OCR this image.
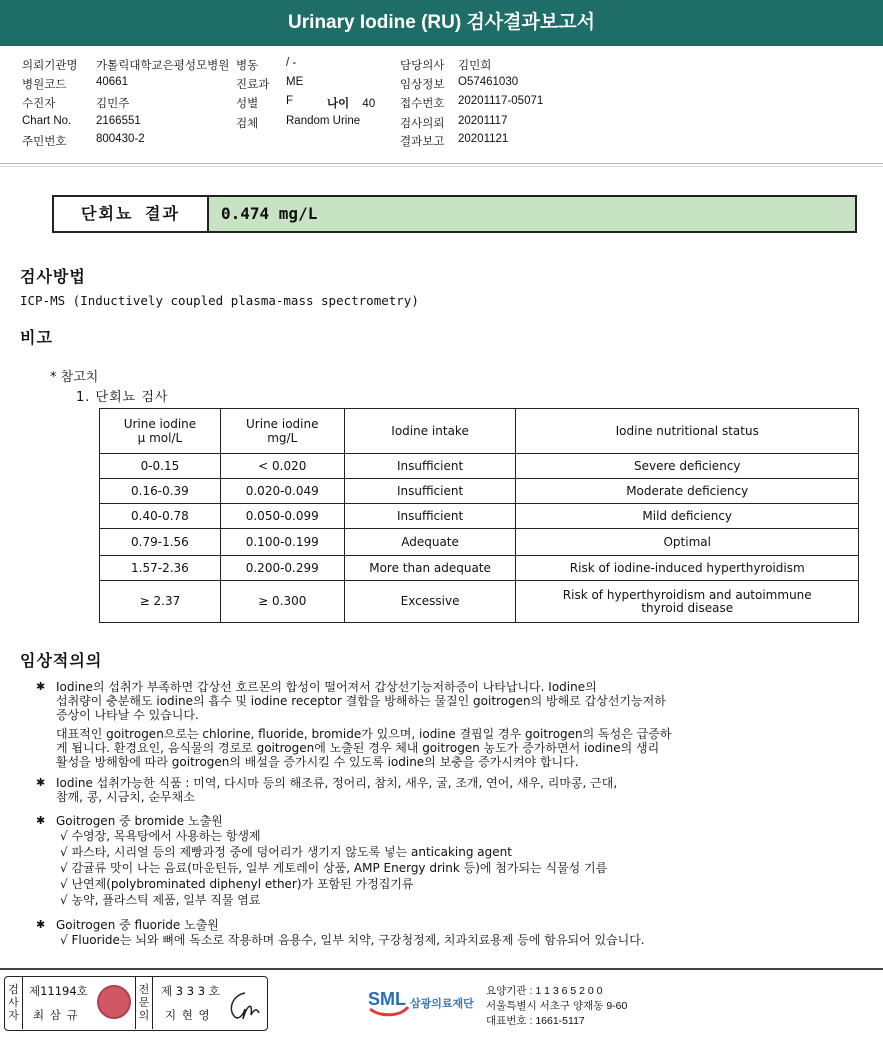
Urinary Iodine (RU) 검사결과보고서
의뢰기관명 가톨릭대학교은평성모병원
병원코드	40661
수진자	김민주
Chart No. 2166551
주민번호	800430-2
병동 / -
진료과 ME
성별 F
검체 Random Urine
담당의사 김민희
임상정보 O57461030
접수번호 20201117-05071
검사의뢰 20201117
결과보고 20201121
나이 40
단회뇨 결과	0.474 mg/L
검사방법
ICP-MS (Inductively coupled plasma-mass spectrometry)
비고
* 참고치
1. 단회뇨 검사
Urine iodine
μ mol/L	Urine iodine
mg/L	Iodine intake	Iodine nutritional status
0-0.15	< 0.020	Insufficient	Severe deficiency
0.16-0.39	0.020-0.049	Insufficient	Moderate deficiency
0.40-0.78	0.050-0.099	Insufficient	Mild deficiency
0.79-1.56	0.100-0.199	Adequate	Optimal
1.57-2.36	0.200-0.299	More than adequate	Risk of iodine-induced hyperthyroidism
≥ 2.37	≥ 0.300	Excessive	Risk of hyperthyroidism and autoimmune
thyroid disease
임상적의의
✱ Iodine의 섭취가 부족하면 갑상선 호르몬의 합성이 떨어져서 갑상선기능저하증이 나타납니다. Iodine의
섭취량이 충분해도 iodine의 흡수 및 iodine receptor 결합을 방해하는 물질인 goitrogen의 방해로 갑상선기능저하
증상이 나타날 수 있습니다.
대표적인 goitrogen으로는 chlorine, fluoride, bromide가 있으며, iodine 결핍일 경우 goitrogen의 독성은 급증하
게 됩니다. 환경요인, 음식물의 경로로 goitrogen에 노출된 경우 체내 goitrogen 농도가 증가하면서 iodine의 생리
활성을 방해함에 따라 goitrogen의 배설을 증가시킬 수 있도록 iodine의 보충을 증가시켜야 합니다.
✱ Iodine 섭취가능한 식품 : 미역, 다시마 등의 해조류, 정어리, 참치, 새우, 굴, 조개, 연어, 새우, 리마콩, 근대,
참깨, 콩, 시금치, 순무채소
✱ Goitrogen 중 bromide 노출원
√ 수영장, 목욕탕에서 사용하는 항생제
√ 파스타, 시리얼 등의 제빵과정 중에 덩어리가 생기지 않도록 넣는 anticaking agent
√ 감귤류 맛이 나는 음료(마운틴듀, 일부 게토레이 상품, AMP Energy drink 등)에 첨가되는 식물성 기름
√ 난연제(polybrominated diphenyl ether)가 포함된 가정집기류
√ 농약, 플라스틱 제품, 일부 직물 염료
✱ Goitrogen 중 fluoride 노출원
√ Fluoride는 뇌와 뼈에 독소로 작용하며 음용수, 일부 치약, 구강청정제, 치과치료용제 등에 함유되어 있습니다.
검
사
자
제11194호
최 삼 규
전
문
의
제 3 3 3 호
지 현 영
SML 삼광의료재단
요양기관 : 1 1 3 6 5 2 0 0
서울특별시 서초구 양재동 9-60
대표번호 : 1661-5117
